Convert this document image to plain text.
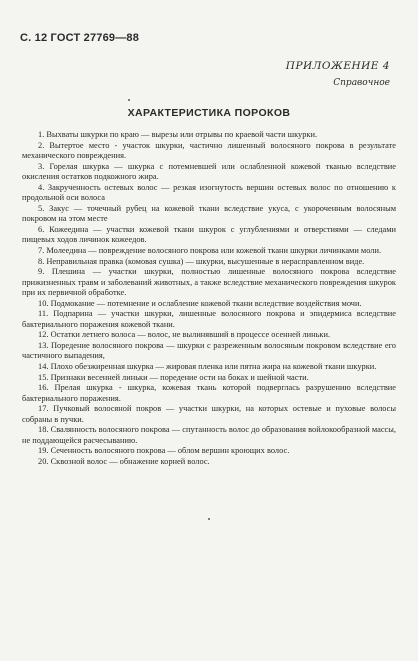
С. 12 ГОСТ 27769—88
ПРИЛОЖЕНИЕ 4
Справочное
ХАРАКТЕРИСТИКА ПОРОКОВ

1. Выхваты шкурки по краю — вырезы или отрывы по краевой части шкурки.

2. Вытертое место - участок шкурки, частично лишенный волосяного покрова в результате механического повреждения.

3. Горелая шкурка — шкурка с потемневшей или ослабленной кожевой тканью вследствие окисления остатков подкожного жира.

4. Закрученность остевых волос — резкая изогнутость вершин остевых волос по отношению к продольной оси волоса

5. Закус — точечный рубец на кожевой ткани вследствие укуса, с укороченным волосяным покровом на этом месте

6. Кожеедина — участки кожевой ткани шкурок с углублениями и отверстиями — следами пищевых ходов личинок кожеедов.

7. Молеедина — повреждение волосяного покрова или кожевой ткани шкурки личинками моли.

8. Неправильная правка (комовая сушка) — шкурки, высушенные в нерасправленном виде.

9. Плешина — участки шкурки, полностью лишенные волосяного покрова вследствие прижизненных травм и заболеваний животных, а также вследствие механического повреждения шкурок при их первичной обработке.

10. Подмокание — потемнение и ослабление кожевой ткани вследствие воздействия мочи.

11. Подпарина — участки шкурки, лишенные волосяного покрова и эпидермиса вследствие бактериального поражения кожевой ткани.

12. Остатки летнего волоса — волос, не вылинявший в процессе осенней линьки.

13. Поредение волосяного покрова — шкурки с разреженным волосяным покровом вследствие его частичного выпадения,

14. Плохо обезжиренная шкурка — жировая пленка или пятна жира на кожевой ткани шкурки.

15. Признаки весенней линьки — поредение ости на боках и шейной части.

16. Прелая шкурка - шкурка, кожевая ткань которой подверглась разрушению вследствие бактериального поражения.

17. Пучковый волосяной покров — участки шкурки, на которых остевые и пуховые волосы собраны в пучки.

18. Свалянность волосяного покрова — спутанность волос до образования войлокообразной массы, не поддающейся расчесыванию.

19. Сеченность волосяного покрова — облом вершин кроющих волос.

20. Сквозной волос — обнажение корней волос.
